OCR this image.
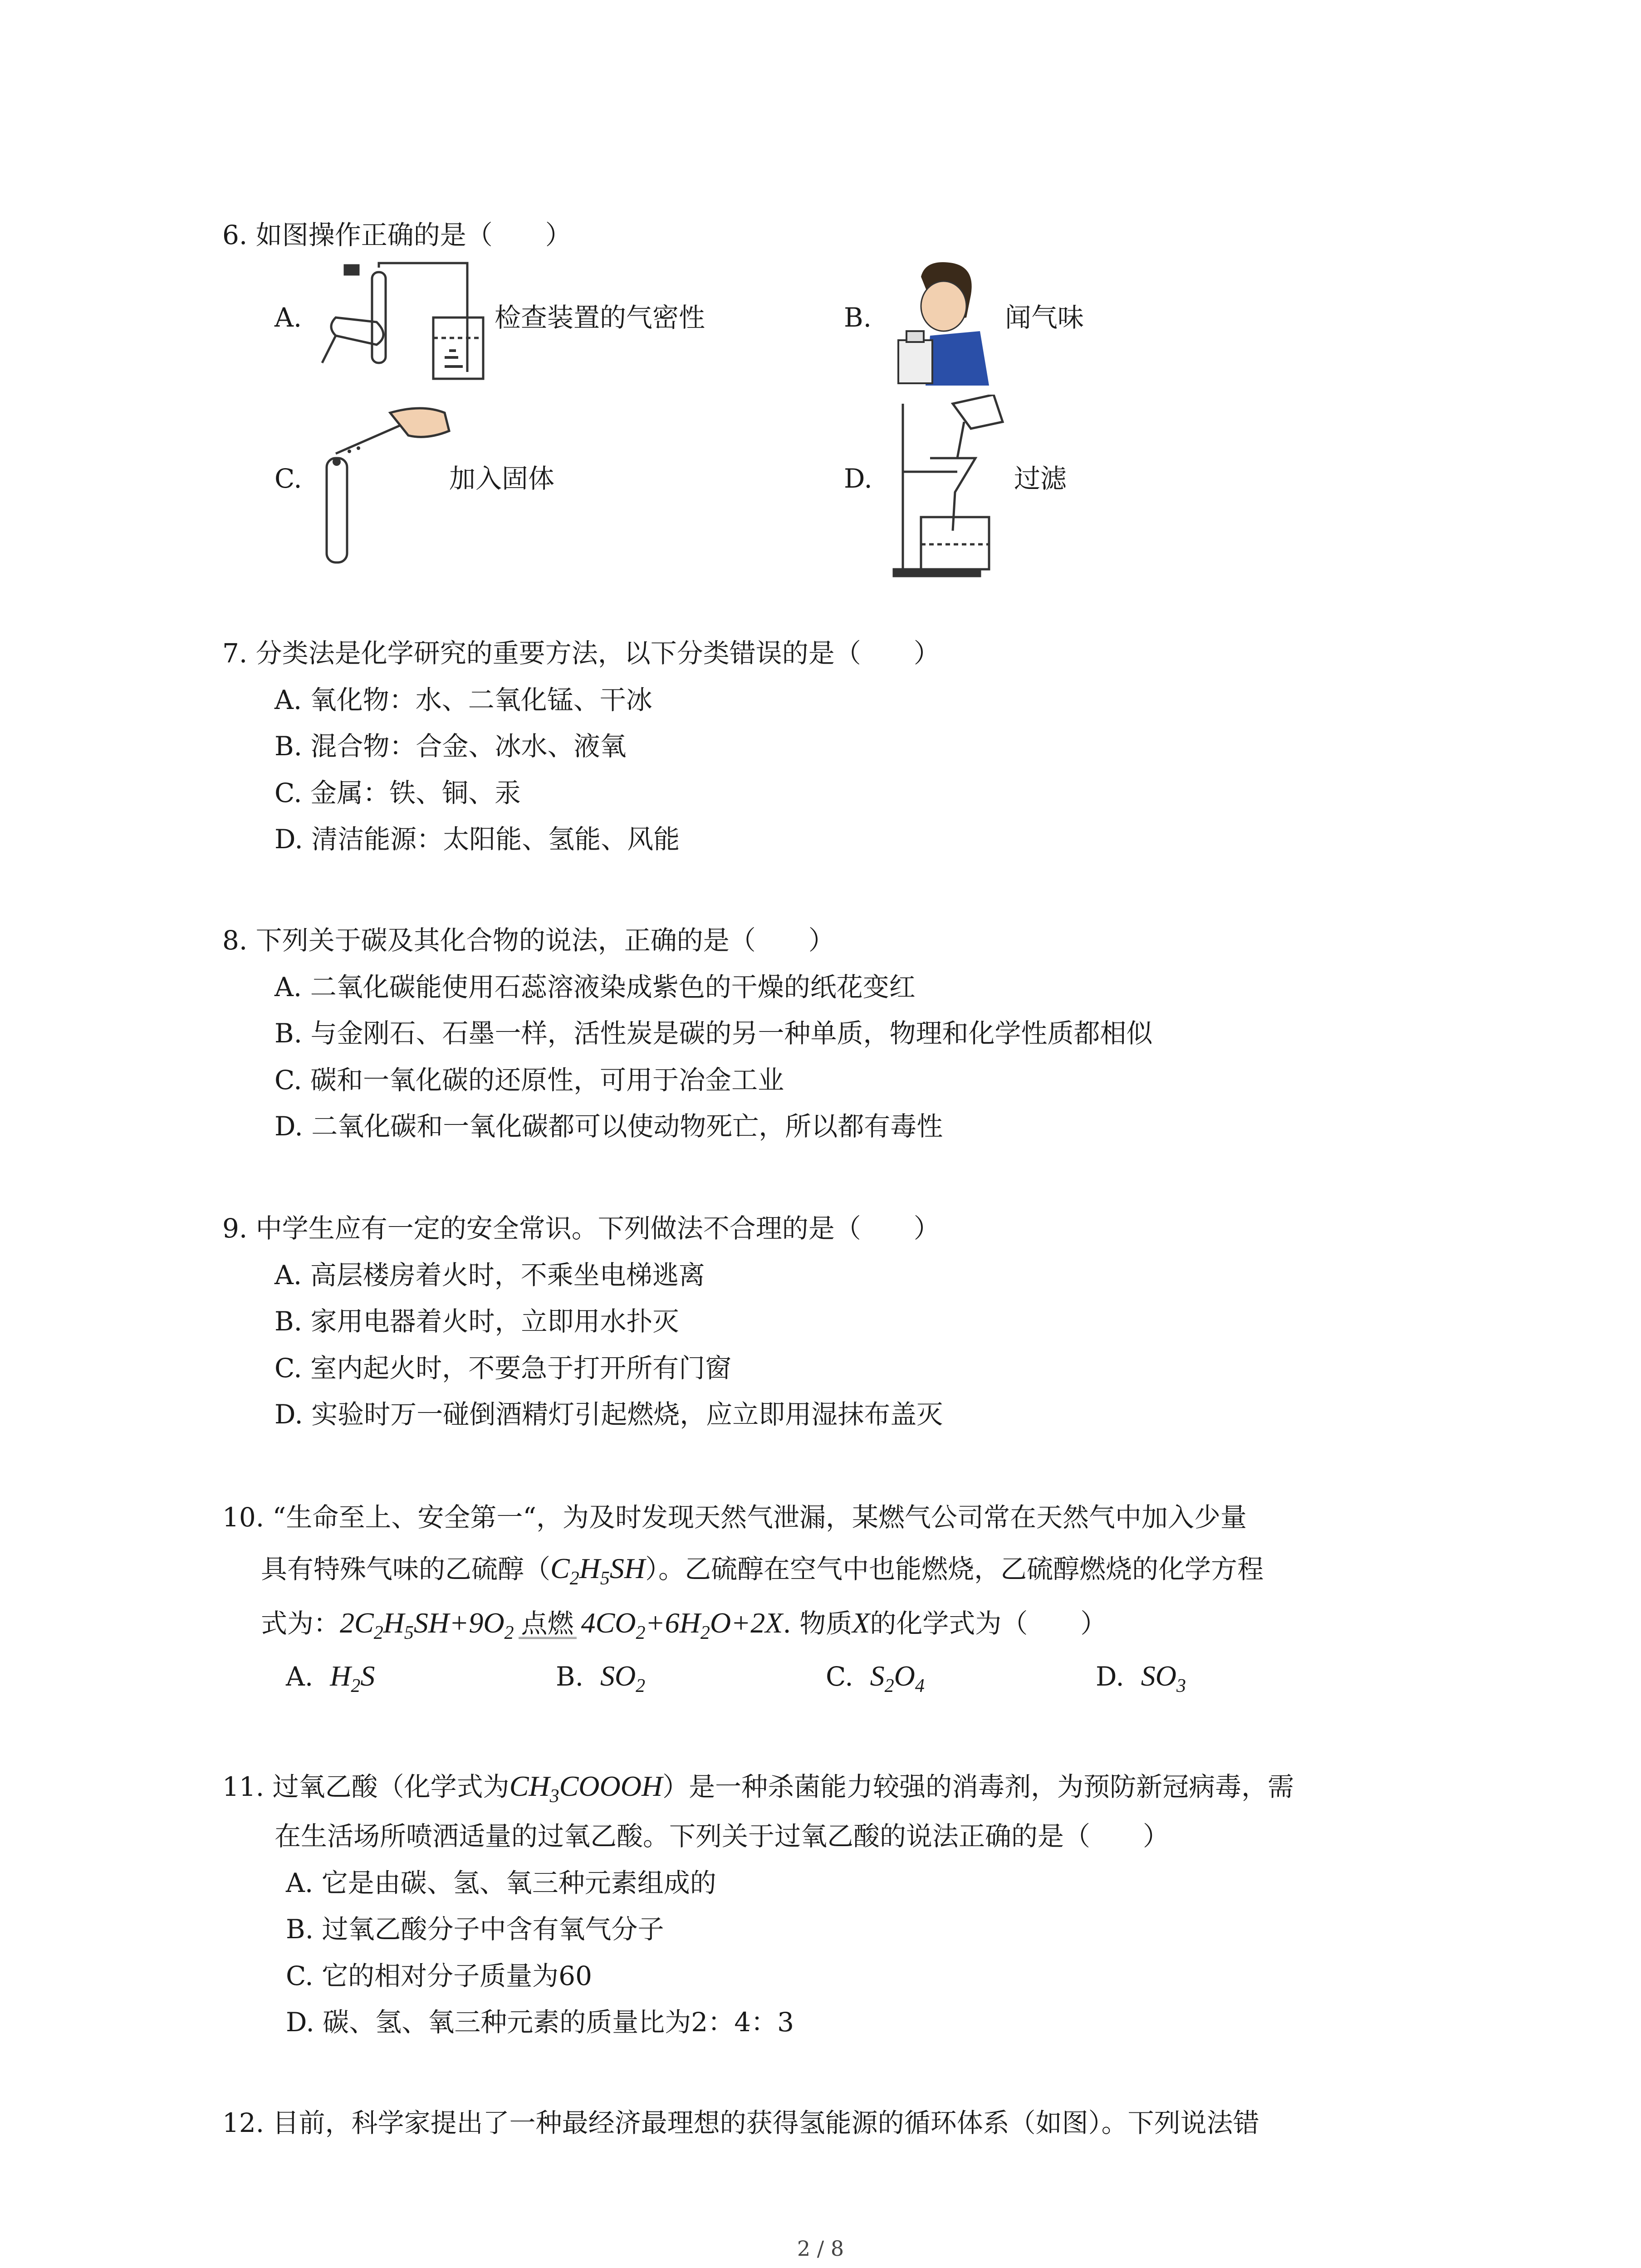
6. 如图操作正确的是（　　）
A.	检查装置的气密性	B.	闻气味
C.	加入固体	D.	过滤
7. 分类法是化学研究的重要方法，以下分类错误的是（　　）
A. 氧化物：水、二氧化锰、干冰
B. 混合物：合金、冰水、液氧
C. 金属：铁、铜、汞
D. 清洁能源：太阳能、氢能、风能
8. 下列关于碳及其化合物的说法，正确的是（　　）
A. 二氧化碳能使用石蕊溶液染成紫色的干燥的纸花变红
B. 与金刚石、石墨一样，活性炭是碳的另一种单质，物理和化学性质都相似
C. 碳和一氧化碳的还原性，可用于冶金工业
D. 二氧化碳和一氧化碳都可以使动物死亡，所以都有毒性
9. 中学生应有一定的安全常识。下列做法不合理的是（　　）
A. 高层楼房着火时，不乘坐电梯逃离
B. 家用电器着火时，立即用水扑灭
C. 室内起火时，不要急于打开所有门窗
D. 实验时万一碰倒酒精灯引起燃烧，应立即用湿抹布盖灭
10. “生命至上、安全第一“，为及时发现天然气泄漏，某燃气公司常在天然气中加入少量
具有特殊气味的乙硫醇$(C_2H_5SH)$。乙硫醇在空气中也能燃烧，乙硫醇燃烧的化学方程
式为：$2C_2H_5SH+9O_2$ 点燃 $4CO_2+6H_2O+2X$. 物质X的化学式为（　　）
A. $H_2S$	B. $SO_2$	C. $S_2O_4$	D. $SO_3$
11. 过氧乙酸（化学式为$CH_3COOOH$）是一种杀菌能力较强的消毒剂，为预防新冠病毒，需
在生活场所喷洒适量的过氧乙酸。下列关于过氧乙酸的说法正确的是（　　）
A. 它是由碳、氢、氧三种元素组成的
B. 过氧乙酸分子中含有氧气分子
C. 它的相对分子质量为60
D. 碳、氢、氧三种元素的质量比为2：4：3
12. 目前，科学家提出了一种最经济最理想的获得氢能源的循环体系（如图）。下列说法错
2 / 8
